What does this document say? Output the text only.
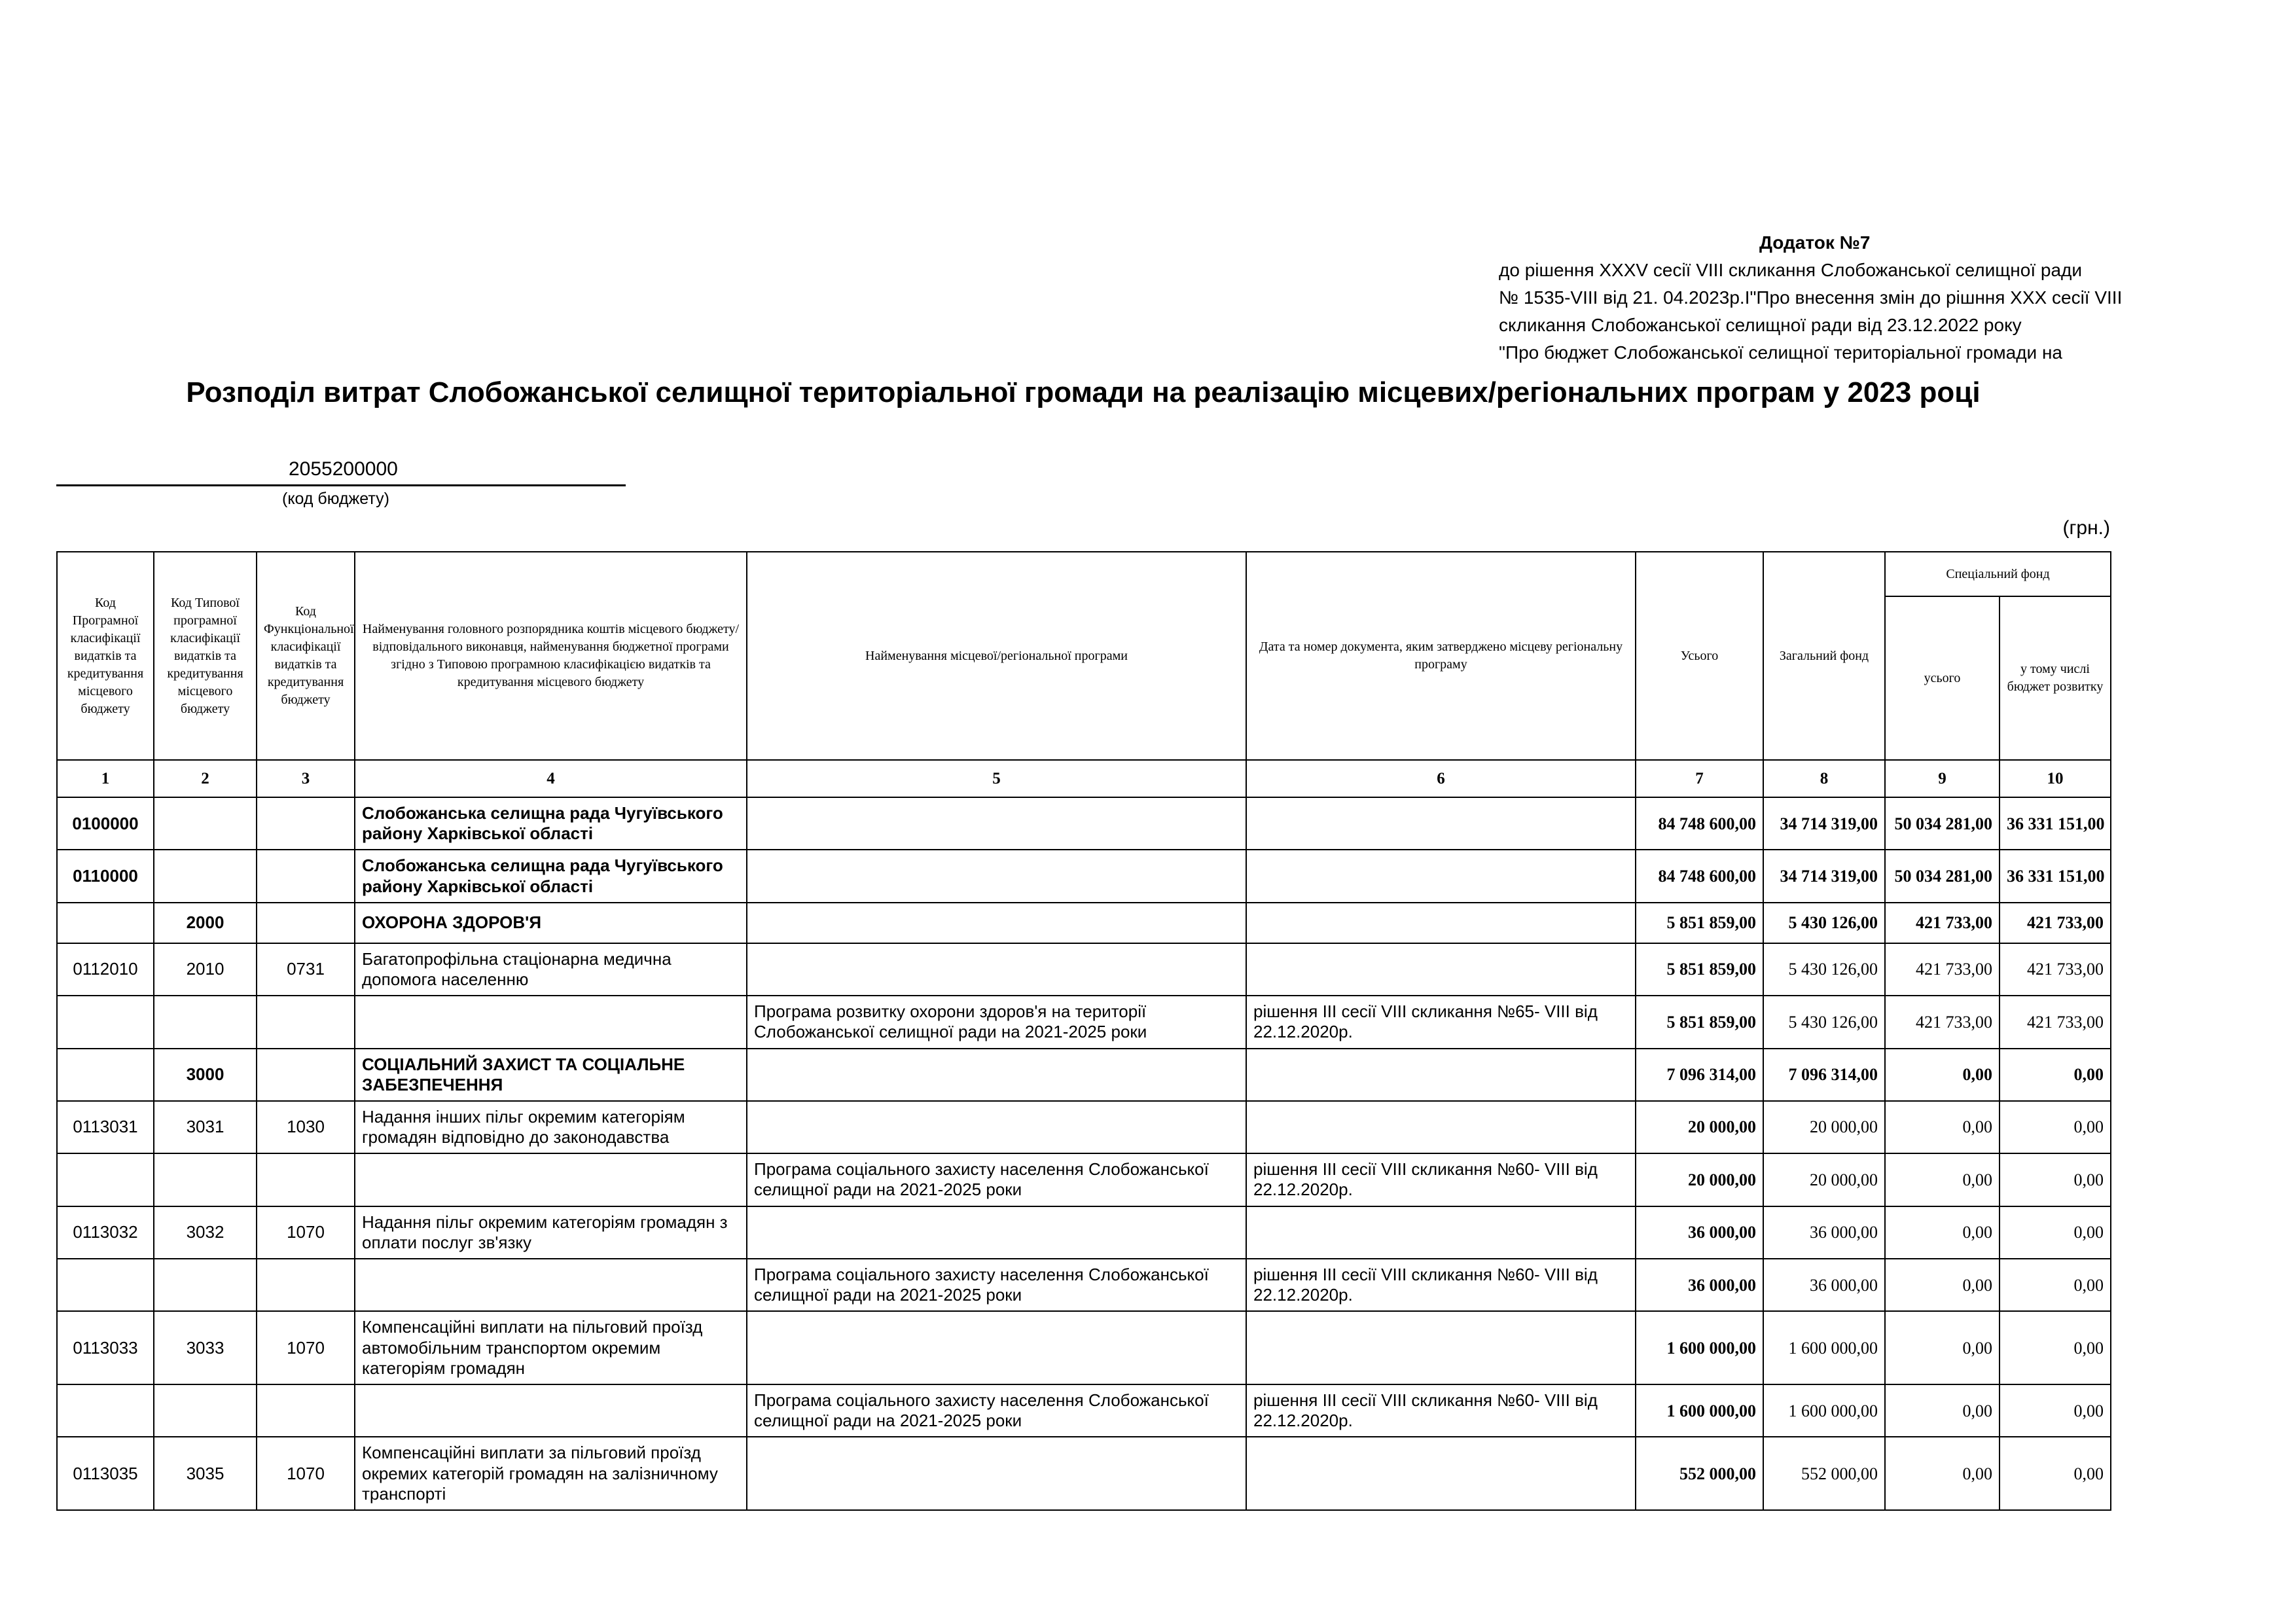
Додаток №7
до рішення XXXV сесії VIII скликання Слобожанської селищної ради
№ 1535-VIII від 21. 04.2023р.І"Про внесення змін до рішння XXX сесії VIII
скликання Слобожанської селищної ради від 23.12.2022 року
"Про бюджет Слобожанської селищної територіальної громади на
Розподіл витрат Слобожанської селищної територіальної громади на реалізацію місцевих/регіональних програм у 2023 році
2055200000
(код бюджету)
(грн.)
Код Програмної класифікації видатків та кредитування місцевого бюджету	Код Типової програмної класифікації видатків та кредитування місцевого бюджету	Код Функціональної класифікації видатків та кредитування бюджету	Найменування головного розпорядника коштів місцевого бюджету/ відповідального виконавця, найменування бюджетної програми згідно з Типовою програмною класифікацією видатків та кредитування місцевого бюджету	Найменування місцевої/регіональної програми	Дата та номер документа, яким затверджено місцеву регіональну програму	Усього	Загальний фонд	Спеціальний фонд	
								усього	у тому числі бюджет розвитку
1	2	3	4	5	6	7	8	9	10
0100000			Слобожанська селищна рада Чугуївського району Харківської області			84 748 600,00	34 714 319,00	50 034 281,00	36 331 151,00
0110000			Слобожанська селищна рада Чугуївського району Харківської області			84 748 600,00	34 714 319,00	50 034 281,00	36 331 151,00
	2000		ОХОРОНА ЗДОРОВ'Я			5 851 859,00	5 430 126,00	421 733,00	421 733,00
0112010	2010	0731	Багатопрофільна стаціонарна медична допомога населенню			5 851 859,00	5 430 126,00	421 733,00	421 733,00
				Програма розвитку охорони здоров'я на території Слобожанської селищної ради на 2021-2025 роки	рішення ІІІ сесії VIII скликання №65- VIII від 22.12.2020р.	5 851 859,00	5 430 126,00	421 733,00	421 733,00
	3000		СОЦІАЛЬНИЙ ЗАХИСТ ТА СОЦІАЛЬНЕ ЗАБЕЗПЕЧЕННЯ			7 096 314,00	7 096 314,00	0,00	0,00
0113031	3031	1030	Надання інших пільг окремим категоріям громадян відповідно до законодавства			20 000,00	20 000,00	0,00	0,00
				Програма соціального захисту населення Слобожанської селищної ради на 2021-2025 роки	рішення ІІІ сесії VIII скликання №60- VIII від 22.12.2020р.	20 000,00	20 000,00	0,00	0,00
0113032	3032	1070	Надання пільг окремим категоріям громадян з оплати послуг зв'язку			36 000,00	36 000,00	0,00	0,00
				Програма соціального захисту населення Слобожанської селищної ради на 2021-2025 роки	рішення ІІІ сесії VIII скликання №60- VIII від 22.12.2020р.	36 000,00	36 000,00	0,00	0,00
0113033	3033	1070	Компенсаційні виплати на пільговий проїзд автомобільним транспортом окремим категоріям громадян			1 600 000,00	1 600 000,00	0,00	0,00
				Програма соціального захисту населення Слобожанської селищної ради на 2021-2025 роки	рішення ІІІ сесії VIII скликання №60- VIII від 22.12.2020р.	1 600 000,00	1 600 000,00	0,00	0,00
0113035	3035	1070	Компенсаційні виплати за пільговий проїзд окремих категорій громадян на залізничному транспорті			552 000,00	552 000,00	0,00	0,00
